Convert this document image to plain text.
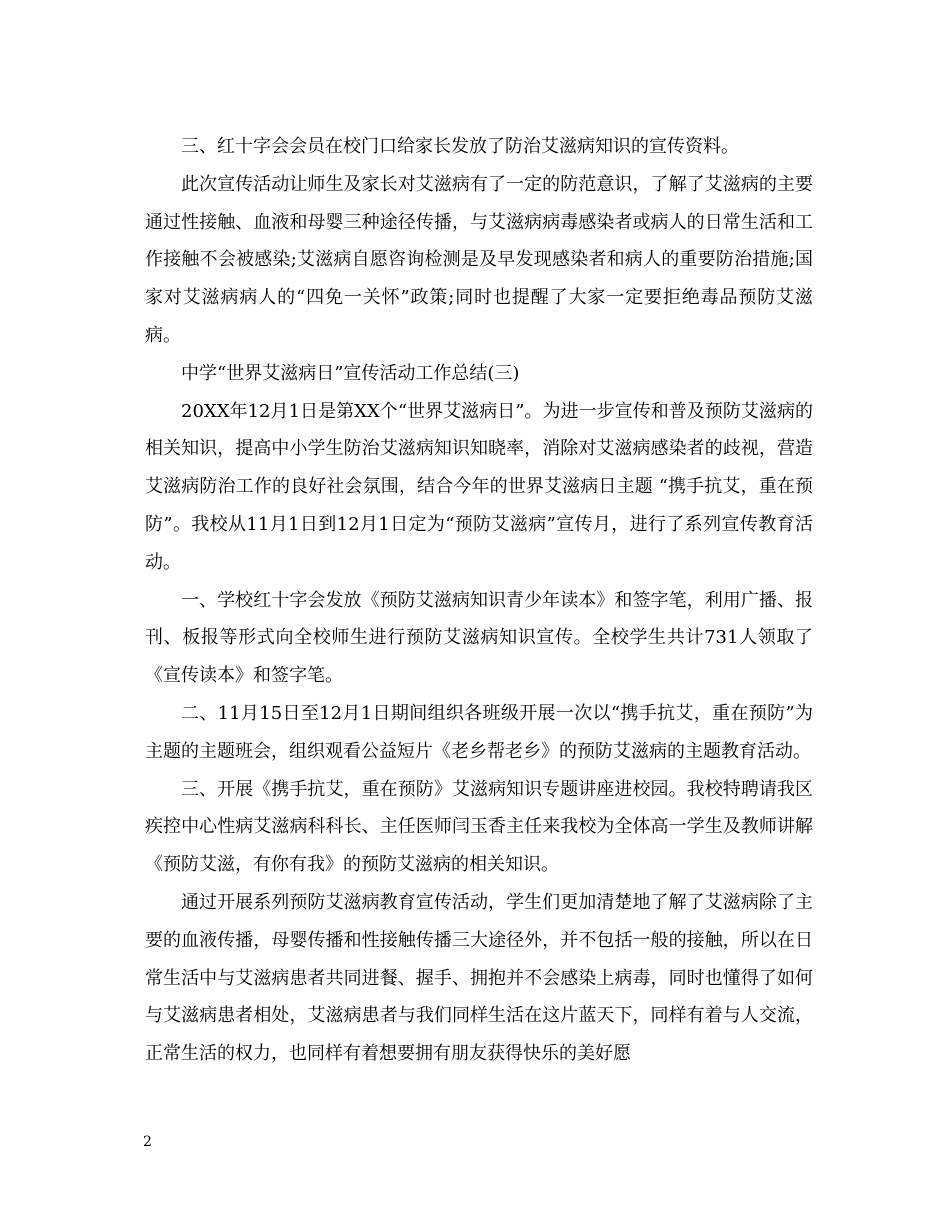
三、红十字会会员在校门口给家长发放了防治艾滋病知识的宣传资料。

此次宣传活动让师生及家长对艾滋病有了一定的防范意识，了解了艾滋病的主要通过性接触、血液和母婴三种途径传播，与艾滋病病毒感染者或病人的日常生活和工作接触不会被感染;艾滋病自愿咨询检测是及早发现感染者和病人的重要防治措施;国家对艾滋病病人的“四免一关怀”政策;同时也提醒了大家一定要拒绝毒品预防艾滋病。

中学“世界艾滋病日”宣传活动工作总结(三)

20XX年12月1日是第XX个“世界艾滋病日”。为进一步宣传和普及预防艾滋病的相关知识，提高中小学生防治艾滋病知识知晓率，消除对艾滋病感染者的歧视，营造艾滋病防治工作的良好社会氛围，结合今年的世界艾滋病日主题 “携手抗艾，重在预防”。我校从11月1日到12月1日定为“预防艾滋病”宣传月，进行了系列宣传教育活动。

一、学校红十字会发放《预防艾滋病知识青少年读本》和签字笔，利用广播、报刊、板报等形式向全校师生进行预防艾滋病知识宣传。全校学生共计731人领取了《宣传读本》和签字笔。

二、11月15日至12月1日期间组织各班级开展一次以“携手抗艾，重在预防”为主题的主题班会，组织观看公益短片《老乡帮老乡》的预防艾滋病的主题教育活动。

三、开展《携手抗艾，重在预防》艾滋病知识专题讲座进校园。我校特聘请我区疾控中心性病艾滋病科科长、主任医师闫玉香主任来我校为全体高一学生及教师讲解《预防艾滋，有你有我》的预防艾滋病的相关知识。

通过开展系列预防艾滋病教育宣传活动，学生们更加清楚地了解了艾滋病除了主要的血液传播，母婴传播和性接触传播三大途径外，并不包括一般的接触，所以在日常生活中与艾滋病患者共同进餐、握手、拥抱并不会感染上病毒，同时也懂得了如何与艾滋病患者相处，艾滋病患者与我们同样生活在这片蓝天下，同样有着与人交流，正常生活的权力，也同样有着想要拥有朋友获得快乐的美好愿

2
